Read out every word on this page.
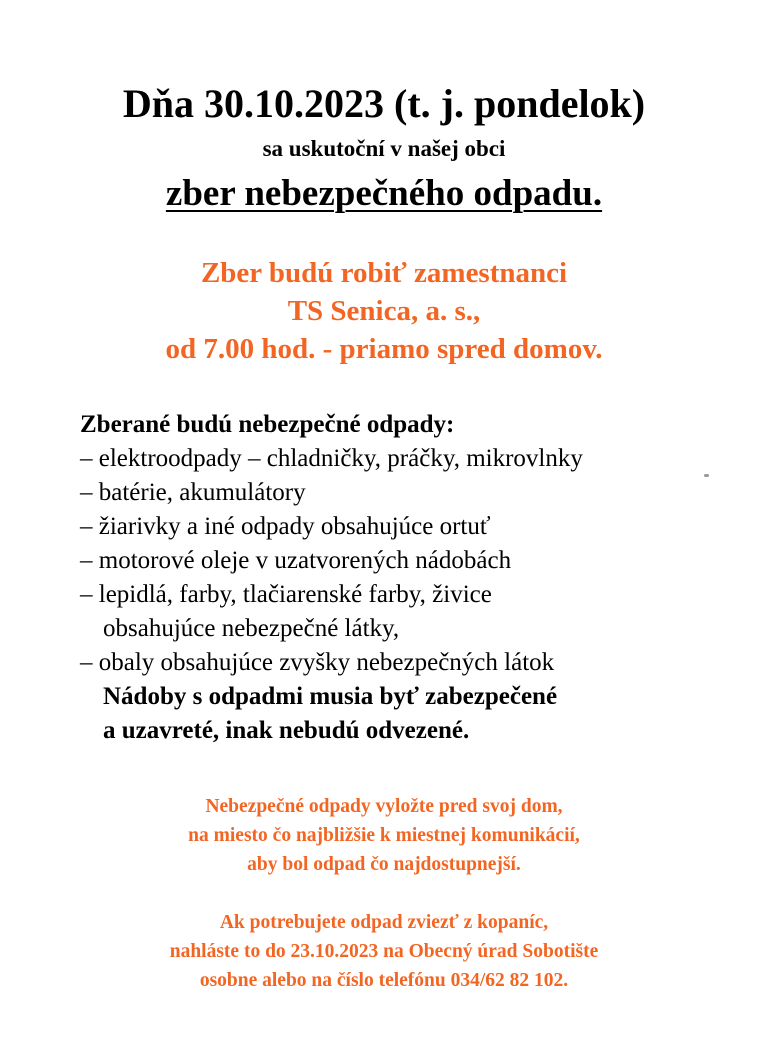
Dňa 30.10.2023 (t. j. pondelok)
sa uskutoční v našej obci
zber nebezpečného odpadu.
Zber budú robiť zamestnanci
TS Senica, a. s.,
od 7.00 hod. - priamo spred domov.
Zberané budú nebezpečné odpady:
– elektroodpady – chladničky, práčky, mikrovlnky
– batérie, akumulátory
– žiarivky a iné odpady obsahujúce ortuť
– motorové oleje v uzatvorených nádobách
– lepidlá, farby, tlačiarenské farby, živice
obsahujúce nebezpečné látky,
– obaly obsahujúce zvyšky nebezpečných látok
Nádoby s odpadmi musia byť zabezpečené
a uzavreté, inak nebudú odvezené.
Nebezpečné odpady vyložte pred svoj dom,
na miesto čo najbližšie k miestnej komunikácií,
aby bol odpad čo najdostupnejší.
Ak potrebujete odpad zviezť z kopaníc,
nahláste to do 23.10.2023 na Obecný úrad Sobotište
osobne alebo na číslo telefónu 034/62 82 102.
